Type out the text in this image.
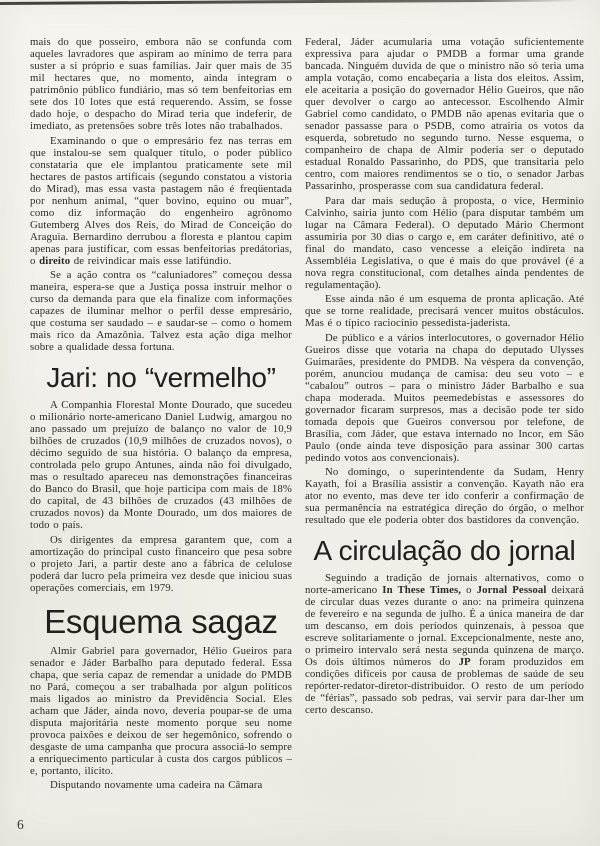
mais do que posseiro, embora não se confunda com aqueles lavradores que aspiram ao mínimo de terra para suster a si próprio e suas famílias. Jair quer mais de 35 mil hectares que, no momento, ainda integram o patrimônio público fundiário, mas só tem benfeitorias em sete dos 10 lotes que está requerendo. Assim, se fosse dado hoje, o despacho do Mirad teria que indeferir, de imediato, as pretensões sobre três lotes não trabalhados.

Examinando o que o empresário fez nas terras em que instalou-se sem qualquer título, o poder público constataria que ele implantou praticamente sete mil hectares de pastos artificais (segundo constatou a vistoria do Mirad), mas essa vasta pastagem não é freqüentada por nenhum animal, “quer bovino, equino ou muar”, como diz informação do engenheiro agrônomo Gutemberg Alves dos Reis, do Mirad de Conceição do Araguia. Bernardino derrubou a floresta e plantou capim apenas para justificar, com essas benfeitorias predátorias, o direito de reivindicar mais esse latifúndio.

Se a ação contra os “caluniadores” começou dessa maneira, espera-se que a Justiça possa instruir melhor o curso da demanda para que ela finalize com informações capazes de iluminar melhor o perfil desse empresário, que costuma ser saudado – e saudar-se – como o homem mais rico da Amazônia. Talvez esta ação diga melhor sobre a qualidade dessa fortuna.

Jari: no “vermelho”

A Companhia Florestal Monte Dourado, que sucedeu o milionário norte-americano Daniel Ludwig, amargou no ano passado um prejuízo de balanço no valor de 10,9 bilhões de cruzados (10,9 milhões de cruzados novos), o décimo seguido de sua história. O balanço da empresa, controlada pelo grupo Antunes, ainda não foi divulgado, mas o resultado apareceu nas demonstrações financeiras do Banco do Brasil, que hoje participa com mais de 18% do capital, de 43 bilhões de cruzados (43 milhões de cruzados novos) da Monte Dourado, um dos maiores de todo o país.

Os dirigentes da empresa garantem que, com a amortização do principal custo financeiro que pesa sobre o projeto Jari, a partir deste ano a fábrica de celulose poderá dar lucro pela primeira vez desde que iniciou suas operações comerciais, em 1979.

Esquema sagaz

Almir Gabriel para governador, Hélio Gueiros para senador e Jáder Barbalho para deputado federal. Essa chapa, que seria capaz de remendar a unidade do PMDB no Pará, começou a ser trabalhada por algun políticos mais ligados ao ministro da Previdência Social. Eles acham que Jáder, ainda novo, deveria poupar-se de uma disputa majoritária neste momento porque seu nome provoca paixões e deixou de ser hegemônico, sofrendo o desgaste de uma campanha que procura associá-lo sempre a enriquecimento particular à custa dos cargos públicos – e, portanto, ilícito.

Disputando novamente uma cadeira na Câmara

Federal, Jáder acumularia uma votação suficientemente expressiva para ajudar o PMDB a formar uma grande bancada. Ninguém duvida de que o ministro não só teria uma ampla votação, como encabeçaria a lista dos eleitos. Assim, ele aceitaria a posição do governador Hélio Gueiros, que não quer devolver o cargo ao antecessor. Escolhendo Almir Gabriel como candidato, o PMDB não apenas evitaria que o senador passasse para o PSDB, como atrairia os votos da esquerda, sobretudo no segundo turno. Nesse esquema, o companheiro de chapa de Almir poderia ser o deputado estadual Ronaldo Passarinho, do PDS, que transitaria pelo centro, com maiores rendimentos se o tio, o senador Jarbas Passarinho, prosperasse com sua candidatura federal.

Para dar mais sedução à proposta, o vice, Herminio Calvinho, sairia junto com Hélio (para disputar também um lugar na Câmara Federal). O deputado Mário Chermont assumiria por 30 dias o cargo e, em caráter definitivo, até o final do mandato, caso vencesse a eleição indireta na Assembléia Legislativa, o que é mais do que provável (é a nova regra constitucional, com detalhes ainda pendentes de regulamentação).

Esse ainda não é um esquema de pronta aplicação. Até que se torne realidade, precisará vencer muitos obstáculos. Mas é o típico raciocínio pessedista-jaderista.

De público e a vários interlocutores, o governador Hélio Gueiros disse que votaria na chapa do deputado Ulysses Guimarães, presidente do PMDB. Na véspera da convenção, porém, anunciou mudança de camisa: deu seu voto – e “cabalou” outros – para o ministro Jáder Barbalho e sua chapa moderada. Muitos peemedebistas e assessores do governador ficaram surpresos, mas a decisão pode ter sido tomada depois que Gueiros conversou por telefone, de Brasília, com Jáder, que estava internado no Incor, em São Paulo (onde ainda teve disposição para assinar 300 cartas pedindo votos aos convencionais).

No domingo, o superintendente da Sudam, Henry Kayath, foi a Brasília assistir a convenção. Kayath não era ator no evento, mas deve ter ido conferir a confirmação de sua permanência na estratégica direção do órgão, o melhor resultado que ele poderia obter dos bastidores da convenção.

A circulação do jornal

Seguindo a tradição de jornais alternativos, como o norte-americano In These Times, o Jornal Pessoal deixará de circular duas vezes durante o ano: na primeira quinzena de fevereiro e na segunda de julho. É a única maneira de dar um descanso, em dois períodos quinzenais, à pessoa que escreve solitariamente o jornal. Excepcionalmente, neste ano, o primeiro intervalo será nesta segunda quinzena de março. Os dois últimos números do JP foram produzidos em condições difíceis por causa de problemas de saúde de seu repórter-redator-diretor-distribuidor. O resto de um período de “férias”, passado sob pedras, vai servir para dar-lher um certo descanso.

6
